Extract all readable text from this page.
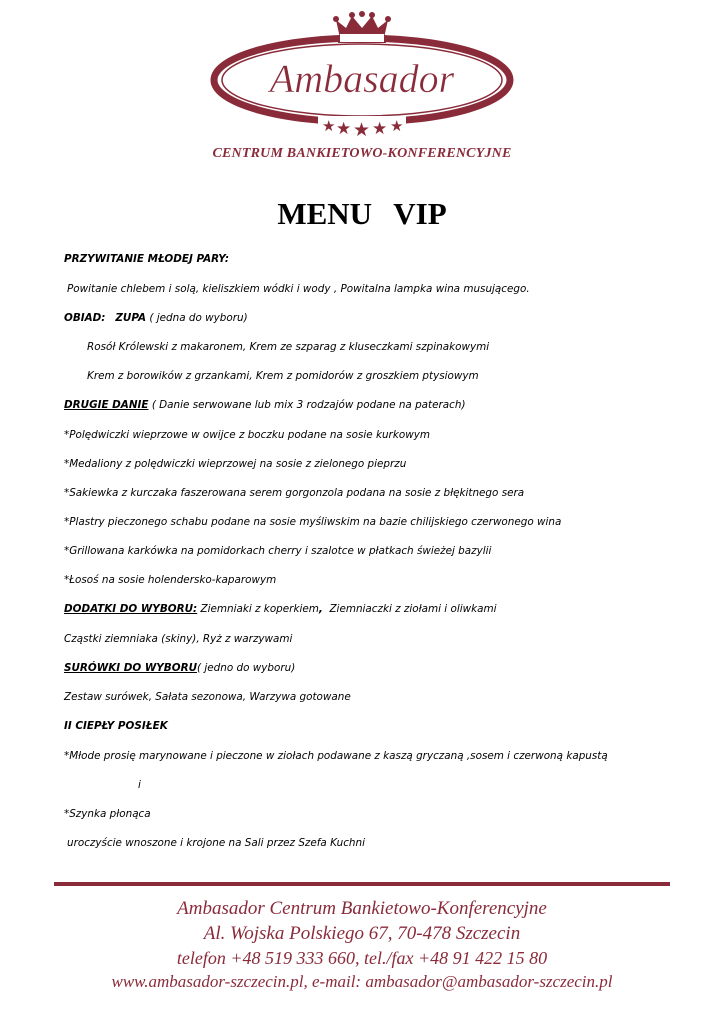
Ambasador
★ ★ ★ ★ ★
CENTRUM BANKIETOWO-KONFERENCYJNE
MENU VIP
PRZYWITANIE MŁODEJ PARY:
Powitanie chlebem i solą, kieliszkiem wódki i wody , Powitalna lampka wina musującego.
OBIAD: ZUPA ( jedna do wyboru)
Rosół Królewski z makaronem, Krem ze szparag z kluseczkami szpinakowymi
Krem z borowików z grzankami, Krem z pomidorów z groszkiem ptysiowym
DRUGIE DANIE ( Danie serwowane lub mix 3 rodzajów podane na paterach)
*Polędwiczki wieprzowe w owijce z boczku podane na sosie kurkowym
*Medaliony z polędwiczki wieprzowej na sosie z zielonego pieprzu
*Sakiewka z kurczaka faszerowana serem gorgonzola podana na sosie z błękitnego sera
*Plastry pieczonego schabu podane na sosie myśliwskim na bazie chilijskiego czerwonego wina
*Grillowana karkówka na pomidorkach cherry i szalotce w płatkach świeżej bazylii
*Łosoś na sosie holendersko-kaparowym
DODATKI DO WYBORU: Ziemniaki z koperkiem, Ziemniaczki z ziołami i oliwkami
Cząstki ziemniaka (skiny), Ryż z warzywami
SURÓWKI DO WYBORU( jedno do wyboru)
Zestaw surówek, Sałata sezonowa, Warzywa gotowane
II CIEPŁY POSIŁEK
*Młode prosię marynowane i pieczone w ziołach podawane z kaszą gryczaną ,sosem i czerwoną kapustą
i
*Szynka płonąca
uroczyście wnoszone i krojone na Sali przez Szefa Kuchni
Ambasador Centrum Bankietowo-Konferencyjne
Al. Wojska Polskiego 67, 70-478 Szczecin
telefon +48 519 333 660, tel./fax +48 91 422 15 80
www.ambasador-szczecin.pl, e-mail: ambasador@ambasador-szczecin.pl
